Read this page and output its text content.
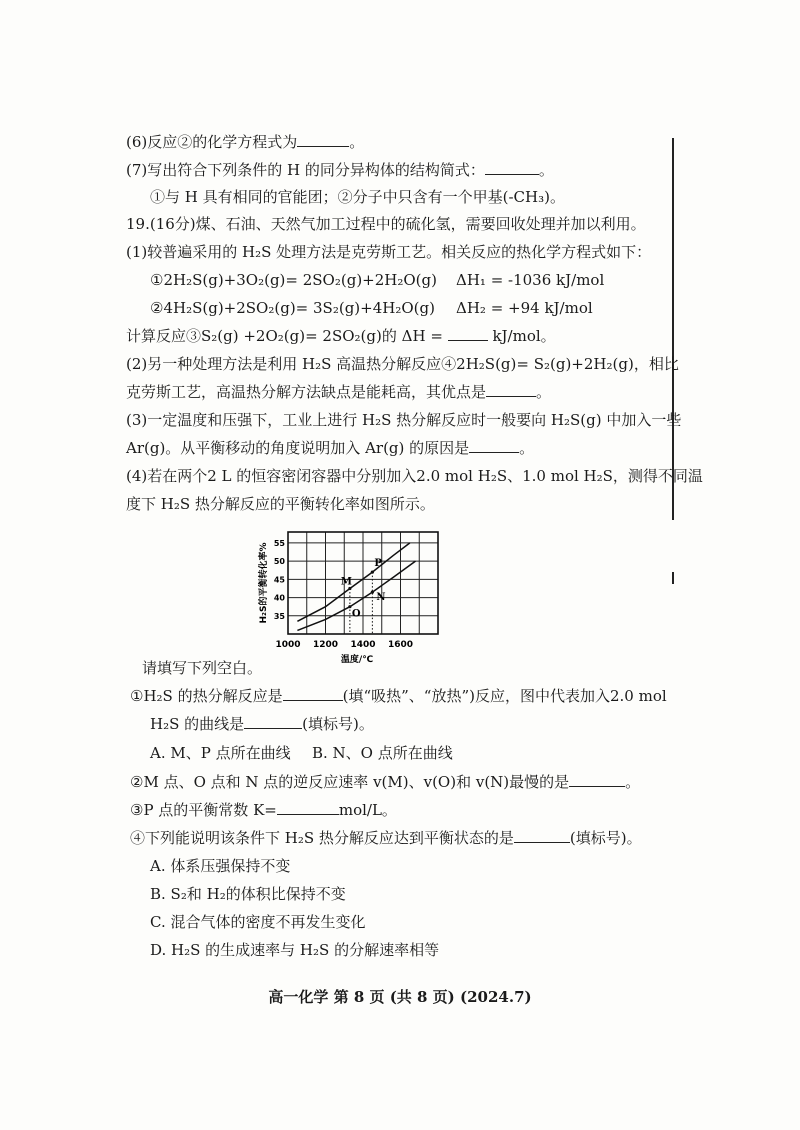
(6)反应②的化学方程式为	。
(7)写出符合下列条件的 H 的同分异构体的结构简式：	。
①与 H 具有相同的官能团；②分子中只含有一个甲基(-CH₃)。
19.(16分)煤、石油、天然气加工过程中的硫化氢，需要回收处理并加以利用。
(1)较普遍采用的 H₂S 处理方法是克劳斯工艺。相关反应的热化学方程式如下：
①2H₂S(g)+3O₂(g)= 2SO₂(g)+2H₂O(g) ΔH₁ = -1036 kJ/mol
②4H₂S(g)+2SO₂(g)= 3S₂(g)+4H₂O(g) ΔH₂ = +94 kJ/mol
计算反应③S₂(g) +2O₂(g)= 2SO₂(g)的 ΔH =	kJ/mol。
(2)另一种处理方法是利用 H₂S 高温热分解反应④2H₂S(g)= S₂(g)+2H₂(g)，相比
克劳斯工艺，高温热分解方法缺点是能耗高，其优点是	。
(3)一定温度和压强下，工业上进行 H₂S 热分解反应时一般要向 H₂S(g) 中加入一些
Ar(g)。从平衡移动的角度说明加入 Ar(g) 的原因是	。
(4)若在两个2 L 的恒容密闭容器中分别加入2.0 mol H₂S、1.0 mol H₂S，测得不同温
度下 H₂S 热分解反应的平衡转化率如图所示。
1000 1200 1400 1600
35
40
45
50
55
温度/℃
H₂S的平衡转化率%	M
P
N
O
请填写下列空白。
①H₂S 的热分解反应是	(填“吸热”、“放热”)反应，图中代表加入2.0 mol
H₂S 的曲线是	(填标号)。
A. M、P 点所在曲线 B. N、O 点所在曲线
②M 点、O 点和 N 点的逆反应速率 v(M)、v(O)和 v(N)最慢的是	。
③P 点的平衡常数 K=	mol/L。
④下列能说明该条件下 H₂S 热分解反应达到平衡状态的是	(填标号)。
A. 体系压强保持不变
B. S₂和 H₂的体积比保持不变
C. 混合气体的密度不再发生变化
D. H₂S 的生成速率与 H₂S 的分解速率相等
高一化学 第 8 页 (共 8 页) (2024.7)
